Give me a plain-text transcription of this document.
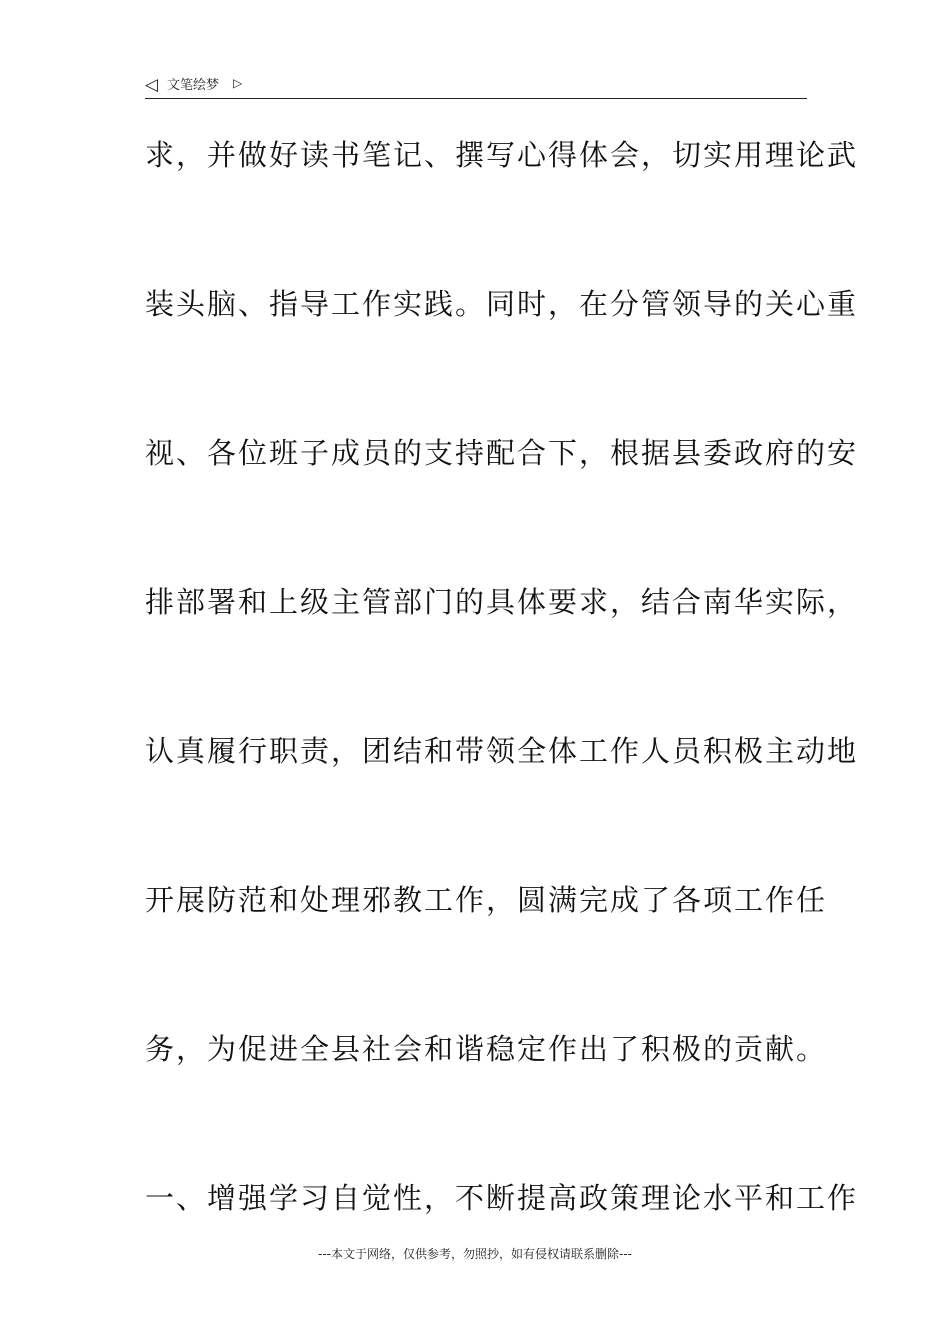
◁ 文笔绘梦 ▷
求，并做好读书笔记、撰写心得体会，切实用理论武
装头脑、指导工作实践。同时，在分管领导的关心重
视、各位班子成员的支持配合下，根据县委政府的安
排部署和上级主管部门的具体要求，结合南华实际，
认真履行职责，团结和带领全体工作人员积极主动地
开展防范和处理邪教工作，圆满完成了各项工作任
务，为促进全县社会和谐稳定作出了积极的贡献。
一、增强学习自觉性，不断提高政策理论水平和工作
---本文于网络，仅供参考，勿照抄，如有侵权请联系删除---
